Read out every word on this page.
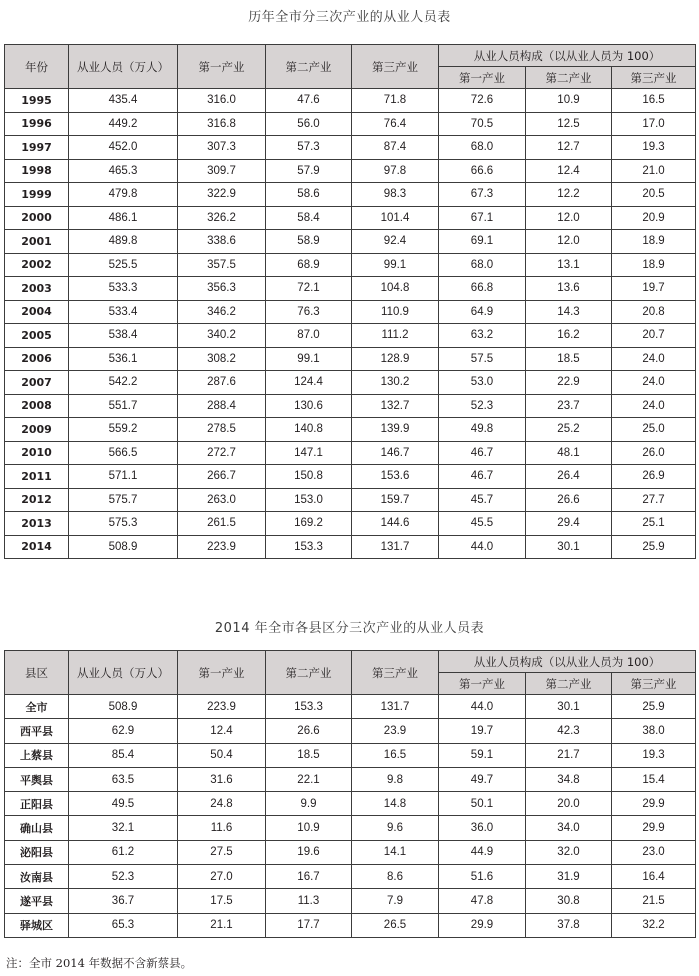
历年全市分三次产业的从业人员表
年份	从业人员（万人）	第一产业	第二产业	第三产业	从业人员构成（以从业人员为 100）		
					第一产业	第二产业	第三产业
1995	435.4	316.0	47.6	71.8	72.6	10.9	16.5
1996	449.2	316.8	56.0	76.4	70.5	12.5	17.0
1997	452.0	307.3	57.3	87.4	68.0	12.7	19.3
1998	465.3	309.7	57.9	97.8	66.6	12.4	21.0
1999	479.8	322.9	58.6	98.3	67.3	12.2	20.5
2000	486.1	326.2	58.4	101.4	67.1	12.0	20.9
2001	489.8	338.6	58.9	92.4	69.1	12.0	18.9
2002	525.5	357.5	68.9	99.1	68.0	13.1	18.9
2003	533.3	356.3	72.1	104.8	66.8	13.6	19.7
2004	533.4	346.2	76.3	110.9	64.9	14.3	20.8
2005	538.4	340.2	87.0	111.2	63.2	16.2	20.7
2006	536.1	308.2	99.1	128.9	57.5	18.5	24.0
2007	542.2	287.6	124.4	130.2	53.0	22.9	24.0
2008	551.7	288.4	130.6	132.7	52.3	23.7	24.0
2009	559.2	278.5	140.8	139.9	49.8	25.2	25.0
2010	566.5	272.7	147.1	146.7	46.7	48.1	26.0
2011	571.1	266.7	150.8	153.6	46.7	26.4	26.9
2012	575.7	263.0	153.0	159.7	45.7	26.6	27.7
2013	575.3	261.5	169.2	144.6	45.5	29.4	25.1
2014	508.9	223.9	153.3	131.7	44.0	30.1	25.9
2014 年全市各县区分三次产业的从业人员表
县区	从业人员（万人）	第一产业	第二产业	第三产业	从业人员构成（以从业人员为 100）		
					第一产业	第二产业	第三产业
全市	508.9	223.9	153.3	131.7	44.0	30.1	25.9
西平县	62.9	12.4	26.6	23.9	19.7	42.3	38.0
上蔡县	85.4	50.4	18.5	16.5	59.1	21.7	19.3
平舆县	63.5	31.6	22.1	9.8	49.7	34.8	15.4
正阳县	49.5	24.8	9.9	14.8	50.1	20.0	29.9
确山县	32.1	11.6	10.9	9.6	36.0	34.0	29.9
泌阳县	61.2	27.5	19.6	14.1	44.9	32.0	23.0
汝南县	52.3	27.0	16.7	8.6	51.6	31.9	16.4
遂平县	36.7	17.5	11.3	7.9	47.8	30.8	21.5
驿城区	65.3	21.1	17.7	26.5	29.9	37.8	32.2
注：全市 2014 年数据不含新蔡县。
